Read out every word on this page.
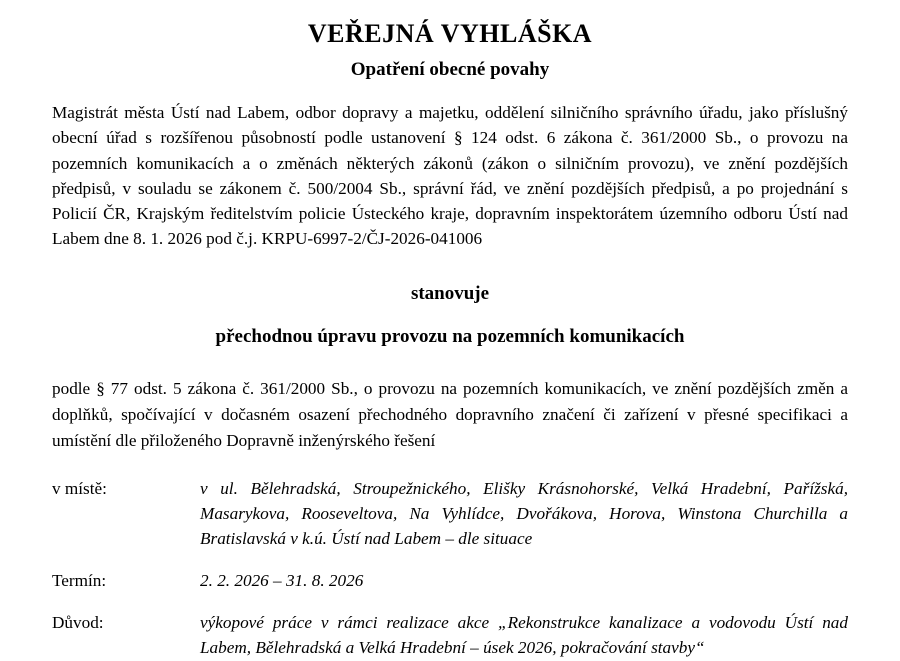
VEŘEJNÁ VYHLÁŠKA
Opatření obecné povahy

Magistrát města Ústí nad Labem, odbor dopravy a majetku, oddělení silničního správního úřadu, jako příslušný obecní úřad s rozšířenou působností podle ustanovení § 124 odst. 6 zákona č. 361/2000 Sb., o provozu na pozemních komunikacích a o změnách některých zákonů (zákon o silničním provozu), ve znění pozdějších předpisů, v souladu se zákonem č. 500/2004 Sb., správní řád, ve znění pozdějších předpisů, a po projednání s Policií ČR, Krajským ředitelstvím policie Ústeckého kraje, dopravním inspektorátem územního odboru Ústí nad Labem dne 8. 1. 2026 pod č.j. KRPU-6997-2/ČJ-2026-041006

stanovuje

přechodnou úpravu provozu na pozemních komunikacích

podle § 77 odst. 5 zákona č. 361/2000 Sb., o provozu na pozemních komunikacích, ve znění pozdějších změn a doplňků, spočívající v dočasném osazení přechodného dopravního značení či zařízení v přesné specifikaci a umístění dle přiloženého Dopravně inženýrského řešení

v místě:	v ul. Bělehradská, Stroupežnického, Elišky Krásnohorské, Velká Hradební, Pařížská, Masarykova, Rooseveltova, Na Vyhlídce, Dvořákova, Horova, Winstona Churchilla a Bratislavská v k.ú. Ústí nad Labem – dle situace
Termín:	2. 2. 2026 – 31. 8. 2026
Důvod:	výkopové práce v rámci realizace akce „Rekonstrukce kanalizace a vodovodu Ústí nad Labem, Bělehradská a Velká Hradební – úsek 2026, pokračování stavby“
